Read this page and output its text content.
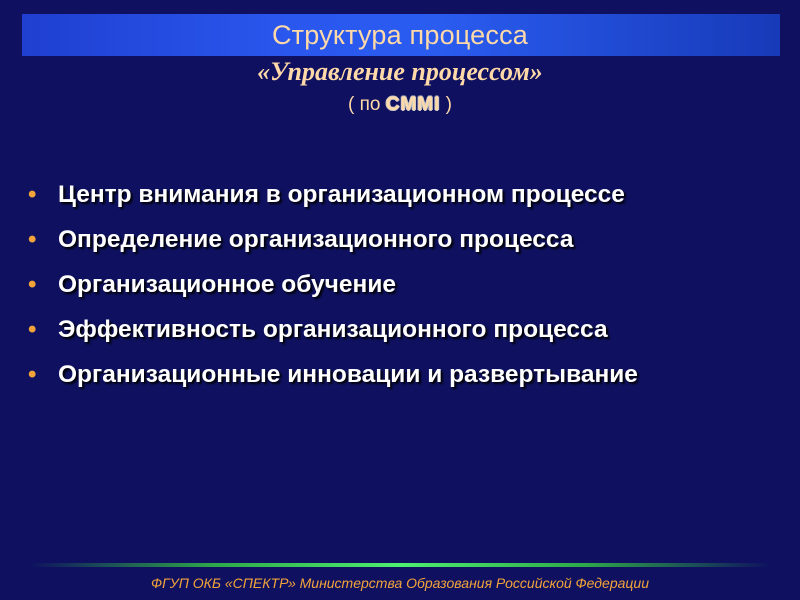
Структура процесса
«Управление процессом»
( по CMMI )
• Центр внимания в организационном процессе
• Определение организационного процесса
• Организационное обучение
• Эффективность организационного процесса
• Организационные инновации и развертывание
ФГУП ОКБ «СПЕКТР» Министерства Образования Российской Федерации
